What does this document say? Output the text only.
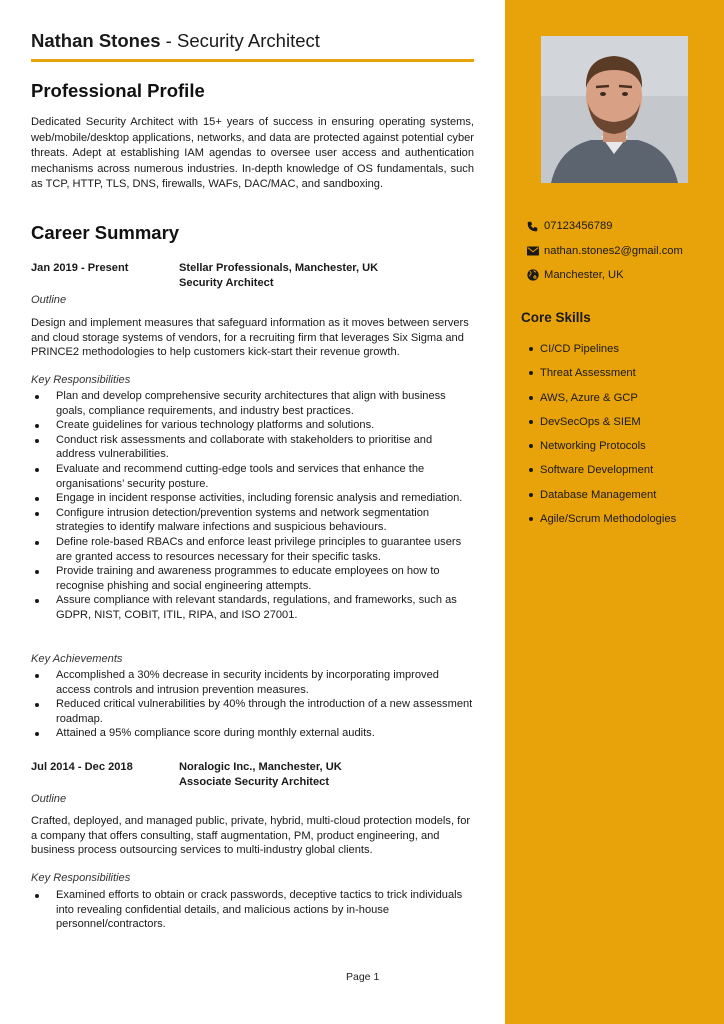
07123456789
nathan.stones2@gmail.com
Manchester, UK
Core Skills
CI/CD Pipelines
Threat Assessment
AWS, Azure & GCP
DevSecOps & SIEM
Networking Protocols
Software Development
Database Management
Agile/Scrum Methodologies
Nathan Stones - Security Architect
Professional Profile

Dedicated Security Architect with 15+ years of success in ensuring operating systems, web/mobile/desktop applications, networks, and data are protected against potential cyber threats. Adept at establishing IAM agendas to oversee user access and authentication mechanisms across numerous industries. In-depth knowledge of OS fundamentals, such as TCP, HTTP, TLS, DNS, firewalls, WAFs, DAC/MAC, and sandboxing.

Career Summary
Jan 2019 - Present	Stellar Professionals, Manchester, UK
Security Architect
Outline

Design and implement measures that safeguard information as it moves between servers and cloud storage systems of vendors, for a recruiting firm that leverages Six Sigma and PRINCE2 methodologies to help customers kick-start their revenue growth.

Key Responsibilities
Plan and develop comprehensive security architectures that align with business goals, compliance requirements, and industry best practices.
Create guidelines for various technology platforms and solutions.
Conduct risk assessments and collaborate with stakeholders to prioritise and address vulnerabilities.
Evaluate and recommend cutting-edge tools and services that enhance the organisations’ security posture.
Engage in incident response activities, including forensic analysis and remediation.
Configure intrusion detection/prevention systems and network segmentation strategies to identify malware infections and suspicious behaviours.
Define role-based RBACs and enforce least privilege principles to guarantee users are granted access to resources necessary for their specific tasks.
Provide training and awareness programmes to educate employees on how to recognise phishing and social engineering attempts.
Assure compliance with relevant standards, regulations, and frameworks, such as GDPR, NIST, COBIT, ITIL, RIPA, and ISO 27001.
Key Achievements
Accomplished a 30% decrease in security incidents by incorporating improved access controls and intrusion prevention measures.
Reduced critical vulnerabilities by 40% through the introduction of a new assessment roadmap.
Attained a 95% compliance score during monthly external audits.
Jul 2014 - Dec 2018	Noralogic Inc., Manchester, UK
Associate Security Architect
Outline

Crafted, deployed, and managed public, private, hybrid, multi-cloud protection models, for a company that offers consulting, staff augmentation, PM, product engineering, and business process outsourcing services to multi-industry global clients.

Key Responsibilities
Examined efforts to obtain or crack passwords, deceptive tactics to trick individuals into revealing confidential details, and malicious actions by in-house personnel/contractors.
Page 1
